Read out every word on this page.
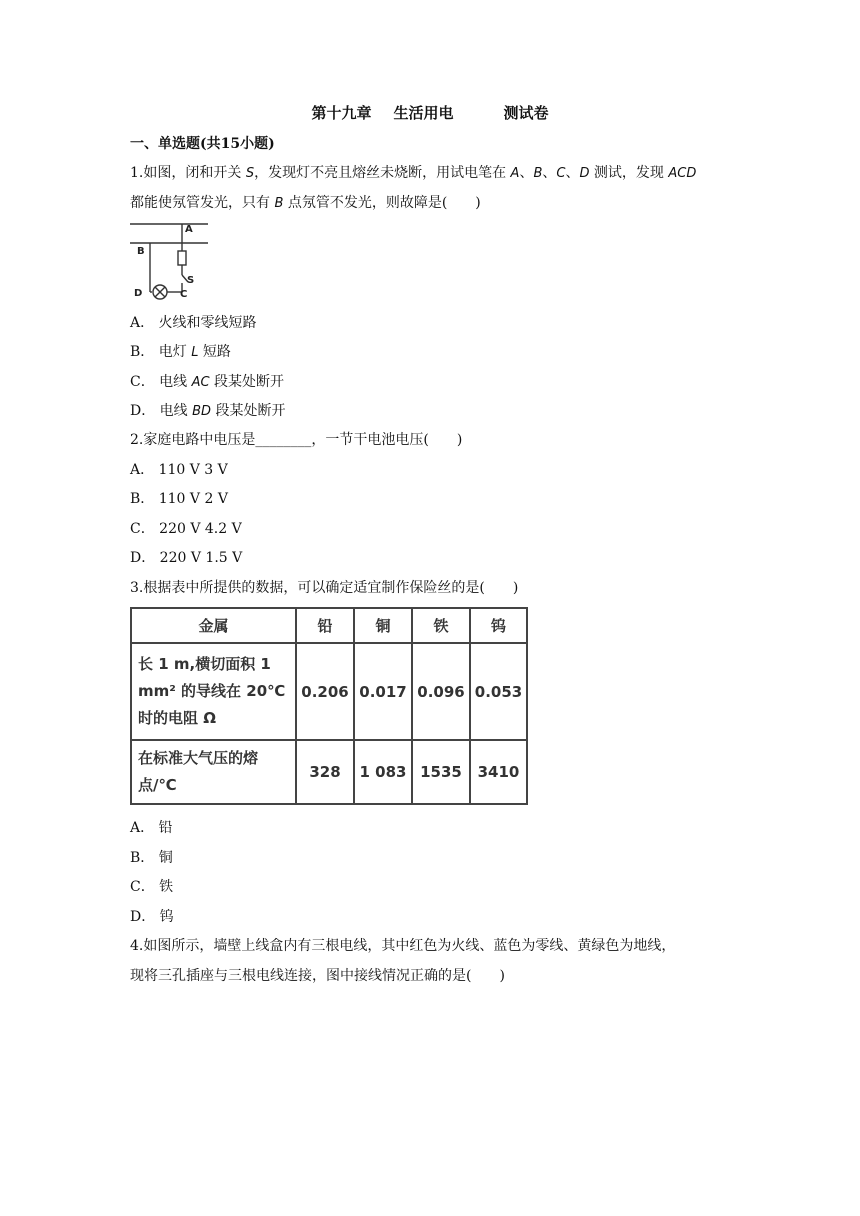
第十九章 生活用电	测试卷
一、单选题(共15小题)
1.如图，闭和开关 S，发现灯不亮且熔丝未烧断，用试电笔在 A、B、C、D 测试，发现 ACD
都能使氖管发光，只有 B 点氖管不发光，则故障是(　　)
A
B
S
D	C
A． 火线和零线短路
B． 电灯 L 短路
C． 电线 AC 段某处断开
D． 电线 BD 段某处断开
2.家庭电路中电压是________，一节干电池电压(　　)
A． 110 V 3 V
B． 110 V 2 V
C． 220 V 4.2 V
D． 220 V 1.5 V
3.根据表中所提供的数据，可以确定适宜制作保险丝的是(　　)
金属	铅	铜	铁	钨

长 1 m,横切面积 1
mm² 的导线在 20℃
时的电阻 Ω	0.206	0.017	0.096	0.053

在标准大气压的熔
点/℃	328	1 083	1535	3410
A． 铅
B． 铜
C． 铁
D． 钨
4.如图所示，墙壁上线盒内有三根电线，其中红色为火线、蓝色为零线、黄绿色为地线，
现将三孔插座与三根电线连接，图中接线情况正确的是(　　)
